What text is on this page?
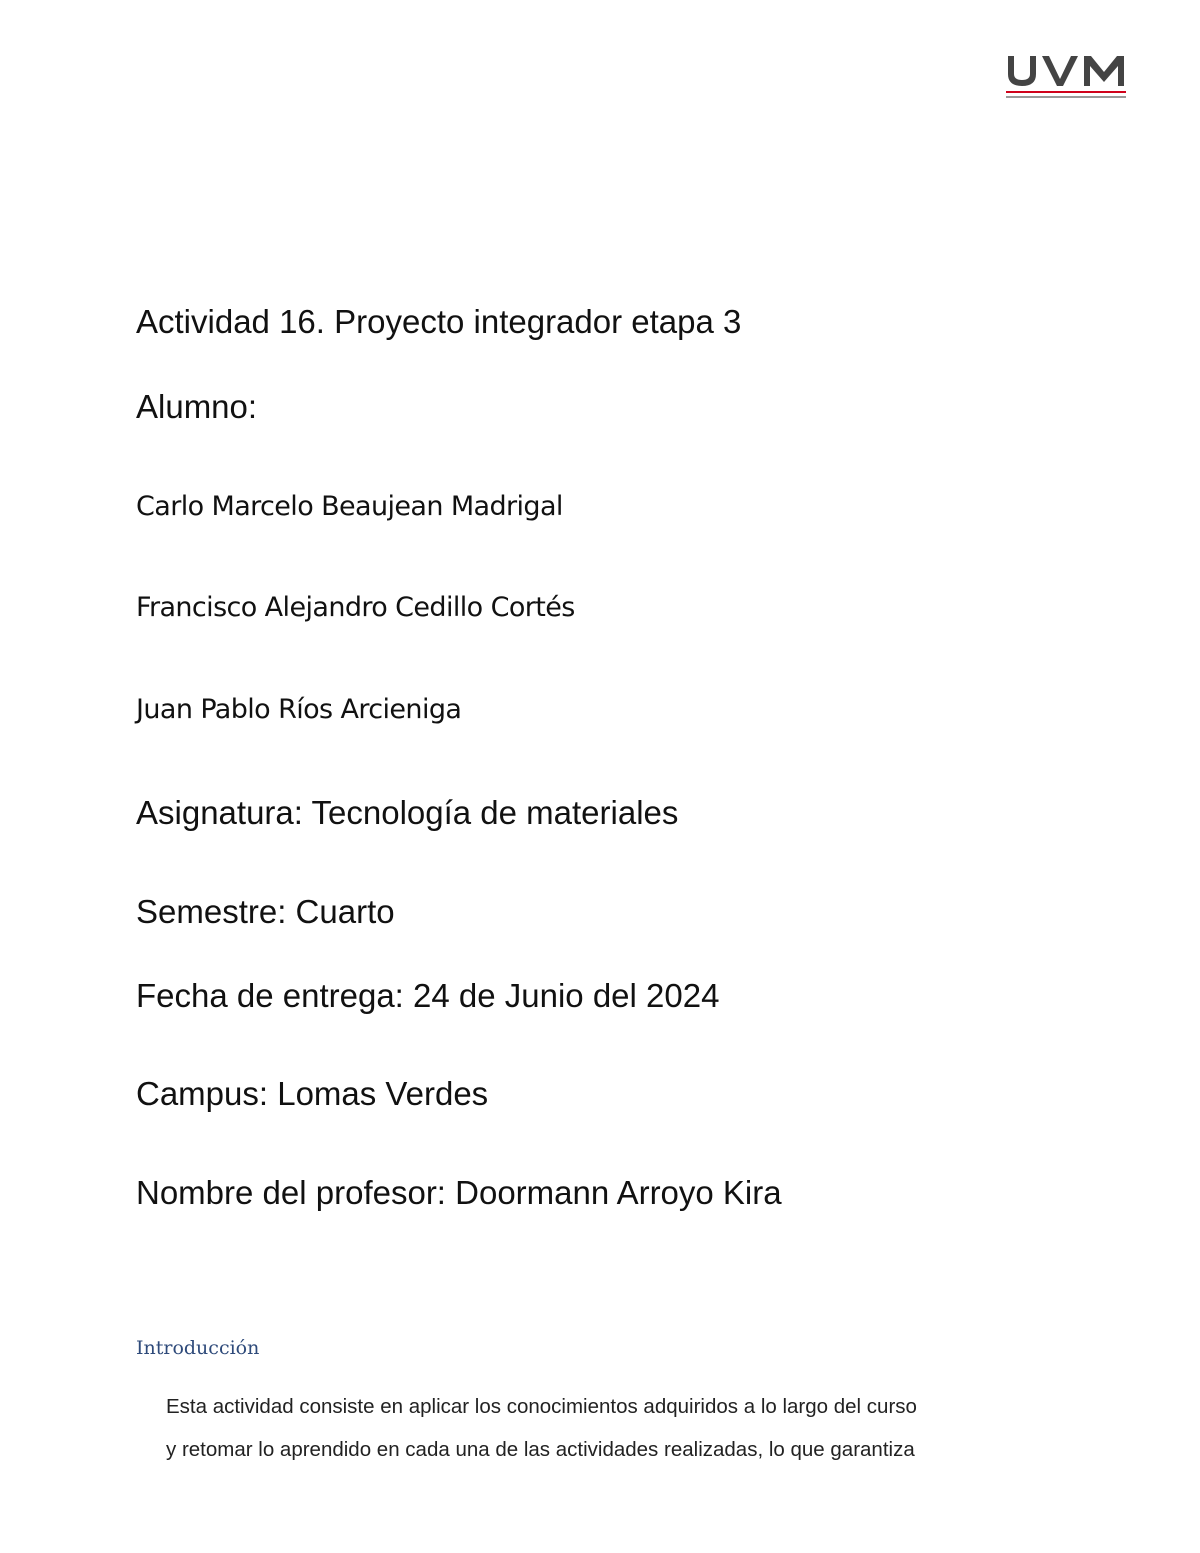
Actividad 16. Proyecto integrador etapa 3
Alumno:
Carlo Marcelo Beaujean Madrigal
Francisco Alejandro Cedillo Cortés
Juan Pablo Ríos Arcieniga
Asignatura: Tecnología de materiales
Semestre: Cuarto
Fecha de entrega: 24 de Junio del 2024
Campus: Lomas Verdes
Nombre del profesor: Doormann Arroyo Kira
Introducción
Esta actividad consiste en aplicar los conocimientos adquiridos a lo largo del curso
y retomar lo aprendido en cada una de las actividades realizadas, lo que garantiza
